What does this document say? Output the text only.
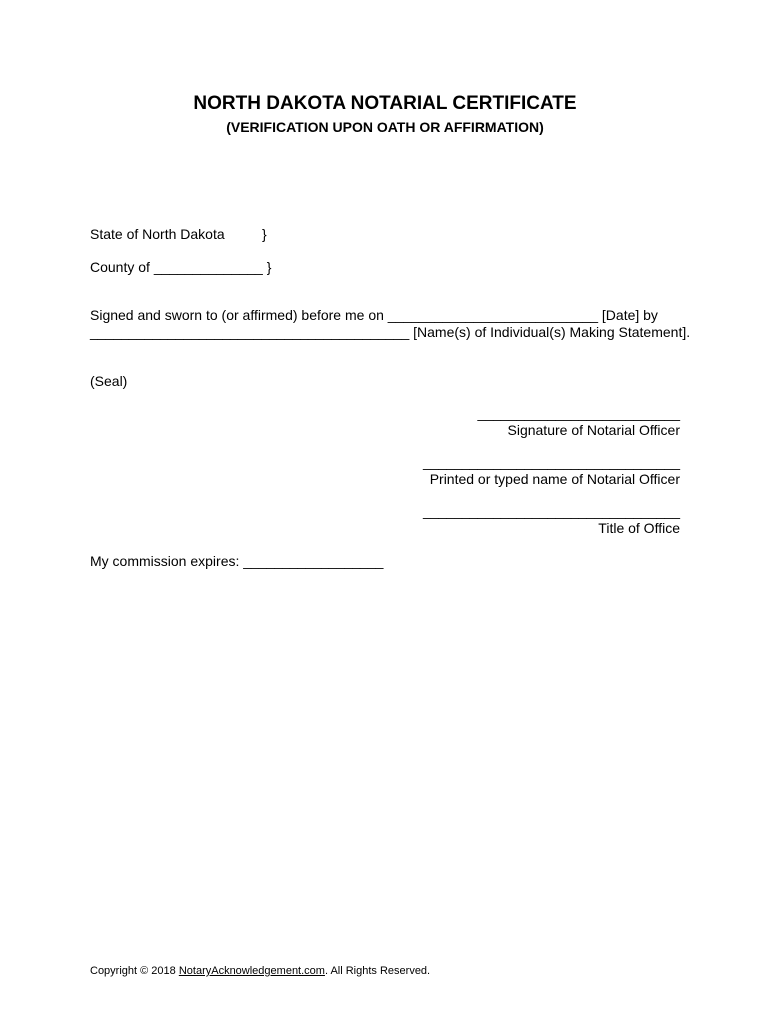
NORTH DAKOTA NOTARIAL CERTIFICATE
(VERIFICATION UPON OATH OR AFFIRMATION)
State of North Dakota	}
County of ______________ }
Signed and sworn to (or affirmed) before me on ___________________________ [Date] by
_________________________________________ [Name(s) of Individual(s) Making Statement].
(Seal)
__________________________
Signature of Notarial Officer
_________________________________
Printed or typed name of Notarial Officer
_________________________________
Title of Office
My commission expires: __________________
Copyright © 2018 NotaryAcknowledgement.com. All Rights Reserved.
